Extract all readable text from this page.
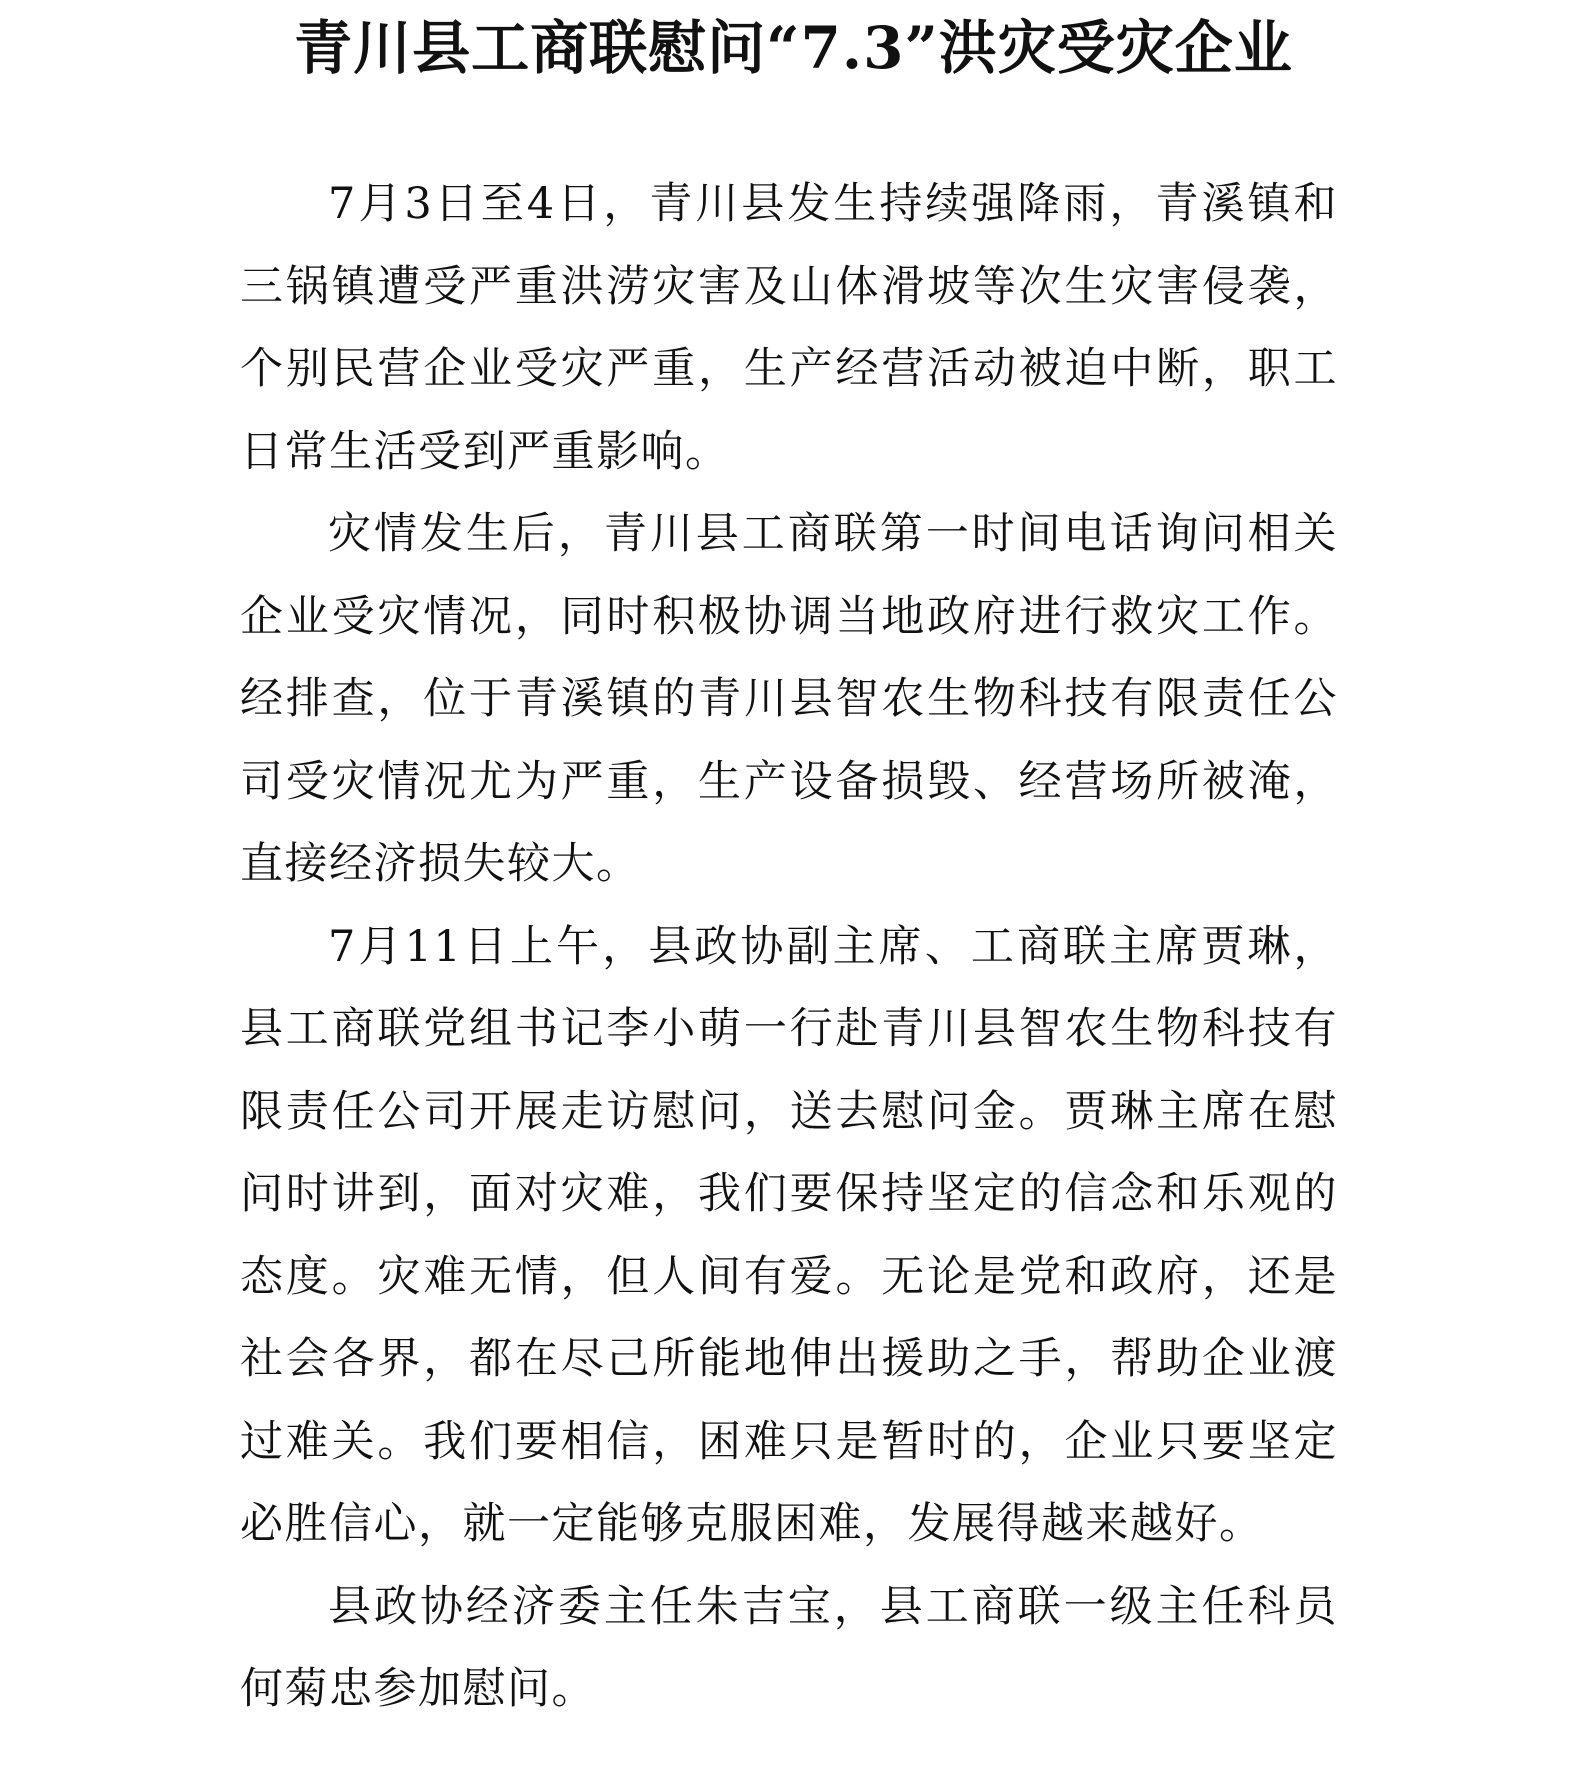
青川县工商联慰问“7.3”洪灾受灾企业

7月3日至4日，青川县发生持续强降雨，青溪镇和三锅镇遭受严重洪涝灾害及山体滑坡等次生灾害侵袭，个别民营企业受灾严重，生产经营活动被迫中断，职工日常生活受到严重影响。

灾情发生后，青川县工商联第一时间电话询问相关企业受灾情况，同时积极协调当地政府进行救灾工作。经排查，位于青溪镇的青川县智农生物科技有限责任公司受灾情况尤为严重，生产设备损毁、经营场所被淹，直接经济损失较大。

7月11日上午，县政协副主席、工商联主席贾琳，县工商联党组书记李小萌一行赴青川县智农生物科技有限责任公司开展走访慰问，送去慰问金。贾琳主席在慰问时讲到，面对灾难，我们要保持坚定的信念和乐观的态度。灾难无情，但人间有爱。无论是党和政府，还是社会各界，都在尽己所能地伸出援助之手，帮助企业渡过难关。我们要相信，困难只是暂时的，企业只要坚定必胜信心，就一定能够克服困难，发展得越来越好。

县政协经济委主任朱吉宝，县工商联一级主任科员何菊忠参加慰问。
